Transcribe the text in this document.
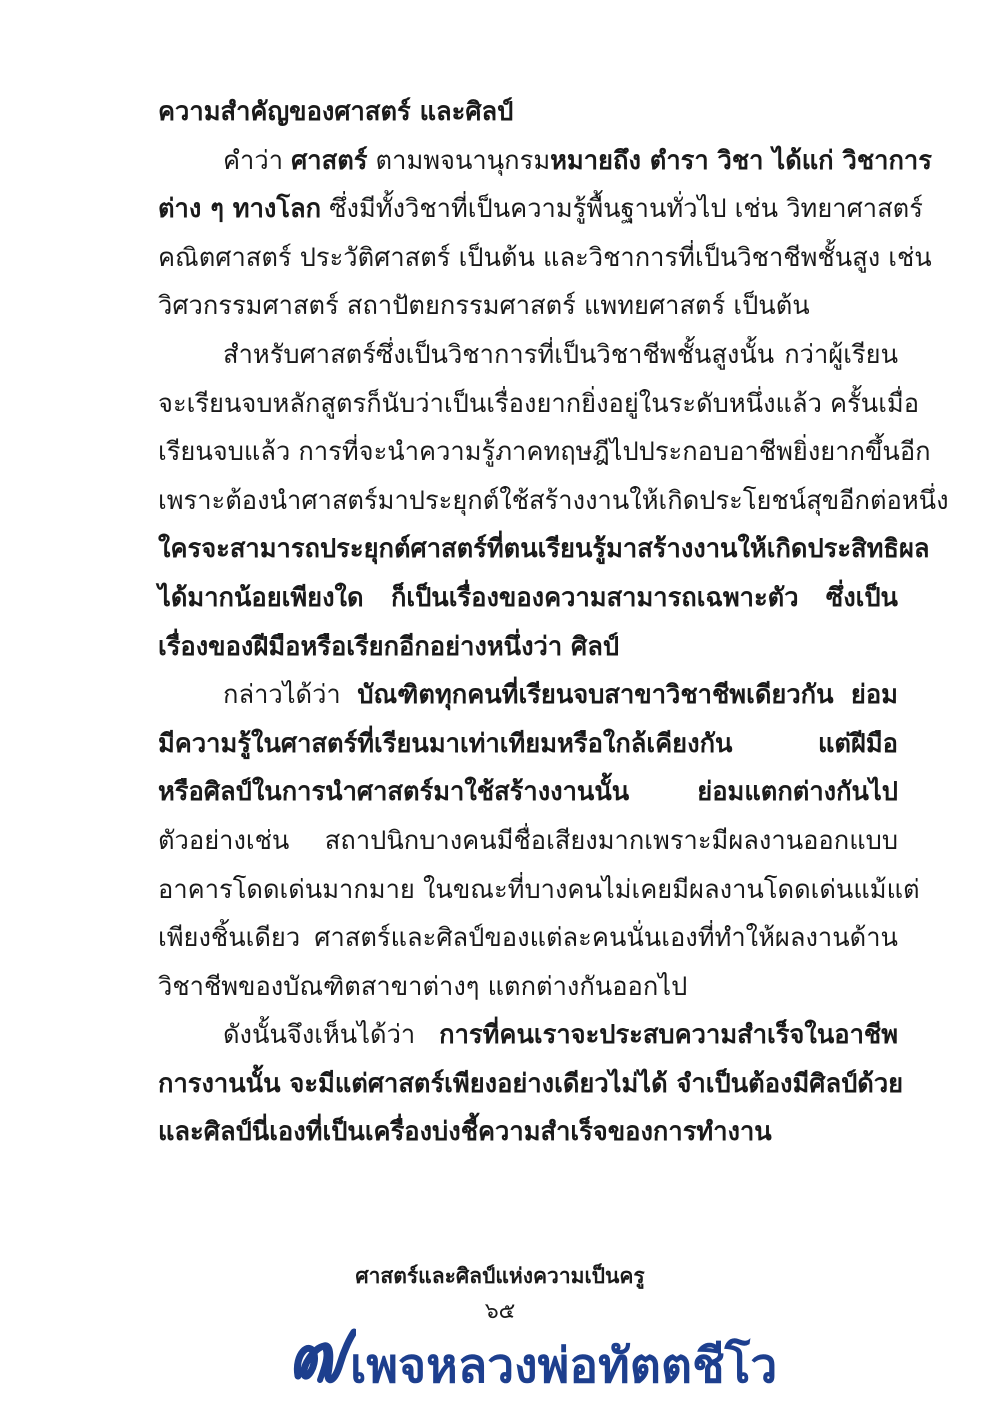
ความสำคัญของศาสตร์ และศิลป์
คำว่า ศาสตร์ ตามพจนานุกรมหมายถึง ตำรา วิชา ได้แก่ วิชาการ
ต่าง ๆ ทางโลก ซึ่งมีทั้งวิชาที่เป็นความรู้พื้นฐานทั่วไป เช่น วิทยาศาสตร์
คณิตศาสตร์ ประวัติศาสตร์ เป็นต้น และวิชาการที่เป็นวิชาชีพชั้นสูง เช่น
วิศวกรรมศาสตร์ สถาปัตยกรรมศาสตร์ แพทยศาสตร์ เป็นต้น
สำหรับศาสตร์ซึ่งเป็นวิชาการที่เป็นวิชาชีพชั้นสูงนั้น กว่าผู้เรียน
จะเรียนจบหลักสูตรก็นับว่าเป็นเรื่องยากยิ่งอยู่ในระดับหนึ่งแล้ว ครั้นเมื่อ
เรียนจบแล้ว การที่จะนำความรู้ภาคทฤษฎีไปประกอบอาชีพยิ่งยากขึ้นอีก
เพราะต้องนำศาสตร์มาประยุกต์ใช้สร้างงานให้เกิดประโยชน์สุขอีกต่อหนึ่ง
ใครจะสามารถประยุกต์ศาสตร์ที่ตนเรียนรู้มาสร้างงานให้เกิดประสิทธิผล
ได้มากน้อยเพียงใด ก็เป็นเรื่องของความสามารถเฉพาะตัว ซึ่งเป็น
เรื่องของฝีมือหรือเรียกอีกอย่างหนึ่งว่า ศิลป์
กล่าวได้ว่า บัณฑิตทุกคนที่เรียนจบสาขาวิชาชีพเดียวกัน ย่อม
มีความรู้ในศาสตร์ที่เรียนมาเท่าเทียมหรือใกล้เคียงกัน แต่ฝีมือ
หรือศิลป์ในการนำศาสตร์มาใช้สร้างงานนั้น ย่อมแตกต่างกันไป
ตัวอย่างเช่น สถาปนิกบางคนมีชื่อเสียงมากเพราะมีผลงานออกแบบ
อาคารโดดเด่นมากมาย ในขณะที่บางคนไม่เคยมีผลงานโดดเด่นแม้แต่
เพียงชิ้นเดียว ศาสตร์และศิลป์ของแต่ละคนนั่นเองที่ทำให้ผลงานด้าน
วิชาชีพของบัณฑิตสาขาต่างๆ แตกต่างกันออกไป
ดังนั้นจึงเห็นได้ว่า การที่คนเราจะประสบความสำเร็จในอาชีพ
การงานนั้น จะมีแต่ศาสตร์เพียงอย่างเดียวไม่ได้ จำเป็นต้องมีศิลป์ด้วย
และศิลป์นี่เองที่เป็นเครื่องบ่งชี้ความสำเร็จของการทำงาน
ศาสตร์และศิลป์แห่งความเป็นครู
๖๕
เพจหลวงพ่อทัตตชีโว
